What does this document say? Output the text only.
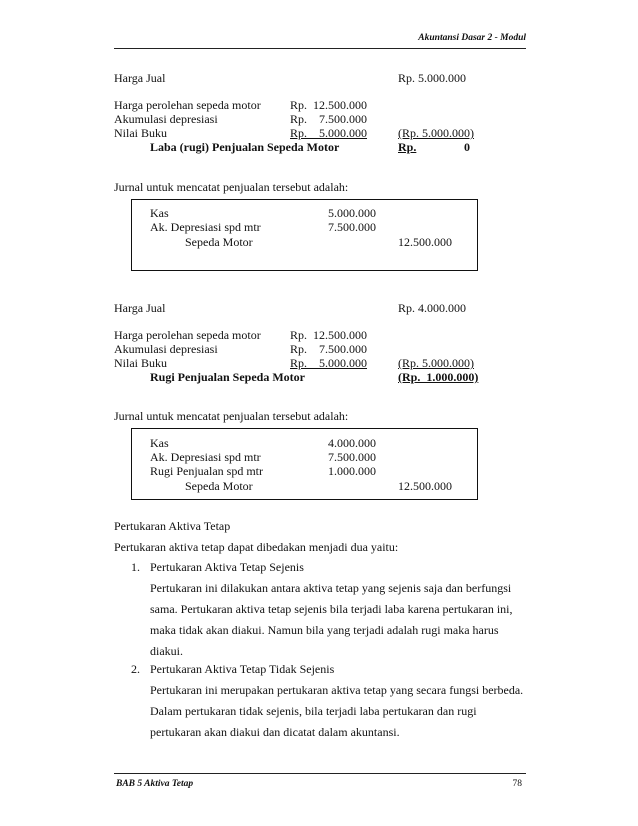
Akuntansi Dasar 2 - Modul
Harga Jual	Rp. 5.000.000
Harga perolehan sepeda motor Rp.  12.500.000
Akumulasi depresiasi	Rp.    7.500.000
Nilai Buku	Rp.    5.000.000	(Rp. 5.000.000)
Laba (rugi) Penjualan Sepeda Motor	Rp.	0
Jurnal untuk mencatat penjualan tersebut adalah:
Kas	5.000.000
Ak. Depresiasi spd mtr	7.500.000
Sepeda Motor	12.500.000
Harga Jual	Rp. 4.000.000
Harga perolehan sepeda motor Rp.  12.500.000
Akumulasi depresiasi	Rp.    7.500.000
Nilai Buku	Rp.    5.000.000	(Rp. 5.000.000)
Rugi Penjualan Sepeda Motor	(Rp.  1.000.000)
Jurnal untuk mencatat penjualan tersebut adalah:
Kas	4.000.000
Ak. Depresiasi spd mtr	7.500.000
Rugi Penjualan spd mtr	1.000.000
Sepeda Motor	12.500.000
Pertukaran Aktiva Tetap
Pertukaran aktiva tetap dapat dibedakan menjadi dua yaitu:
1. Pertukaran Aktiva Tetap Sejenis
Pertukaran ini dilakukan antara aktiva tetap yang sejenis saja dan berfungsi
sama. Pertukaran aktiva tetap sejenis bila terjadi laba karena pertukaran ini,
maka tidak akan diakui. Namun bila yang terjadi adalah rugi maka harus
diakui.
2. Pertukaran Aktiva Tetap Tidak Sejenis
Pertukaran ini merupakan pertukaran aktiva tetap yang secara fungsi berbeda.
Dalam pertukaran tidak sejenis, bila terjadi laba pertukaran dan rugi
pertukaran akan diakui dan dicatat dalam akuntansi.
BAB 5 Aktiva Tetap	78
